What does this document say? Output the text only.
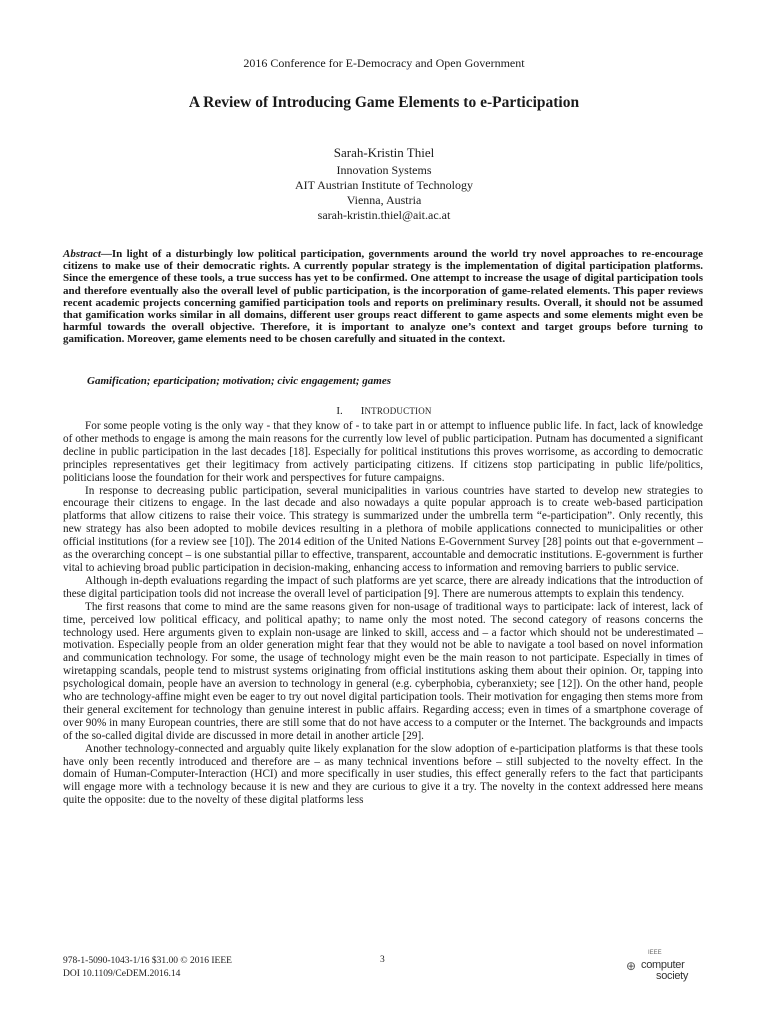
2016 Conference for E-Democracy and Open Government
A Review of Introducing Game Elements to e-Participation
Sarah-Kristin Thiel
Innovation Systems
AIT Austrian Institute of Technology
Vienna, Austria
sarah-kristin.thiel@ait.ac.at

Abstract—In light of a disturbingly low political participation, governments around the world try novel approaches to re-encourage citizens to make use of their democratic rights. A currently popular strategy is the implementation of digital participation platforms. Since the emergence of these tools, a true success has yet to be confirmed. One attempt to increase the usage of digital participation tools and therefore eventually also the overall level of public participation, is the incorporation of game-related elements. This paper reviews recent academic projects concerning gamified participation tools and reports on preliminary results. Overall, it should not be assumed that gamification works similar in all domains, different user groups react different to game aspects and some elements might even be harmful towards the overall objective. Therefore, it is important to analyze one’s context and target groups before turning to gamification. Moreover, game elements need to be chosen carefully and situated in the context.

Gamification; eparticipation; motivation; civic engagement; games

I. INTRODUCTION

For some people voting is the only way - that they know of - to take part in or attempt to influence public life. In fact, lack of knowledge of other methods to engage is among the main reasons for the currently low level of public participation. Putnam has documented a significant decline in public participation in the last decades [18]. Especially for political institutions this proves worrisome, as according to democratic principles representatives get their legitimacy from actively participating citizens. If citizens stop participating in public life/politics, politicians loose the foundation for their work and perspectives for future campaigns.

In response to decreasing public participation, several municipalities in various countries have started to develop new strategies to encourage their citizens to engage. In the last decade and also nowadays a quite popular approach is to create web-based participation platforms that allow citizens to raise their voice. This strategy is summarized under the umbrella term “e-participation”. Only recently, this new strategy has also been adopted to mobile devices resulting in a plethora of mobile applications connected to municipalities or other official institutions (for a review see [10]). The 2014 edition of the United Nations E-Government Survey [28] points out that e-government – as the overarching concept – is one substantial pillar to effective, transparent, accountable and democratic institutions. E-government is further vital to achieving broad public participation in decision-making, enhancing access to information and removing barriers to public service.

Although in-depth evaluations regarding the impact of such platforms are yet scarce, there are already indications that the introduction of these digital participation tools did not increase the overall level of participation [9]. There are numerous attempts to explain this tendency.

The first reasons that come to mind are the same reasons given for non-usage of traditional ways to participate: lack of interest, lack of time, perceived low political efficacy, and political apathy; to name only the most noted. The second category of reasons concerns the technology used. Here arguments given to explain non-usage are linked to skill, access and – a factor which should not be underestimated – motivation. Especially people from an older generation might fear that they would not be able to navigate a tool based on novel information and communication technology. For some, the usage of technology might even be the main reason to not participate. Especially in times of wiretapping scandals, people tend to mistrust systems originating from official institutions asking them about their opinion. Or, tapping into psychological domain, people have an aversion to technology in general (e.g. cyberphobia, cyberanxiety; see [12]). On the other hand, people who are technology-affine might even be eager to try out novel digital participation tools. Their motivation for engaging then stems more from their general excitement for technology than genuine interest in public affairs. Regarding access; even in times of a smartphone coverage of over 90% in many European countries, there are still some that do not have access to a computer or the Internet. The backgrounds and impacts of the so-called digital divide are discussed in more detail in another article [29].

Another technology-connected and arguably quite likely explanation for the slow adoption of e-participation platforms is that these tools have only been recently introduced and therefore are – as many technical inventions before – still subjected to the novelty effect. In the domain of Human-Computer-Interaction (HCI) and more specifically in user studies, this effect generally refers to the fact that participants will engage more with a technology because it is new and they are curious to give it a try. The novelty in the context addressed here means quite the opposite: due to the novelty of these digital platforms less

978-1-5090-1043-1/16 $31.00 © 2016 IEEE
DOI 10.1109/CeDEM.2016.14
3
IEEE
⊕ computer
society
